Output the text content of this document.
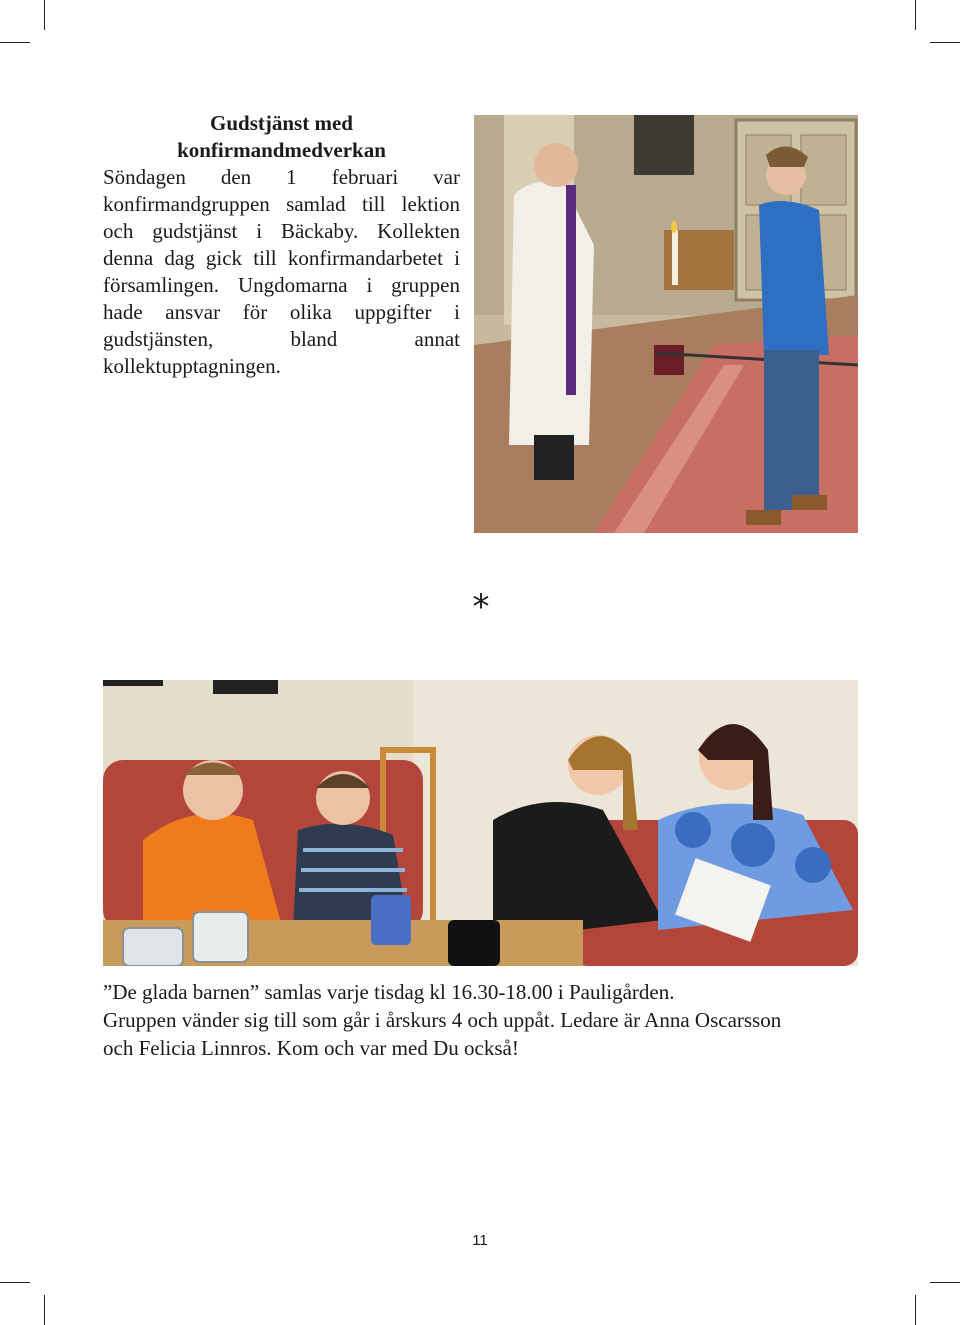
Gudstjänst med
konfirmandmedverkan

Söndagen den 1 februari var konfirmandgruppen samlad till lektion och gudstjänst i Bäckaby. Kollekten denna dag gick till konfirmandarbetet i församlingen. Ungdomarna i gruppen hade ansvar för olika uppgifter i gudstjänsten, bland annat kollektupptagningen.

*

”De glada barnen” samlas varje tisdag kl 16.30-18.00 i Pauligården.

Gruppen vänder sig till som går i årskurs 4 och uppåt. Ledare är Anna Oscarsson

och Felicia Linnros. Kom och var med Du också!

11
